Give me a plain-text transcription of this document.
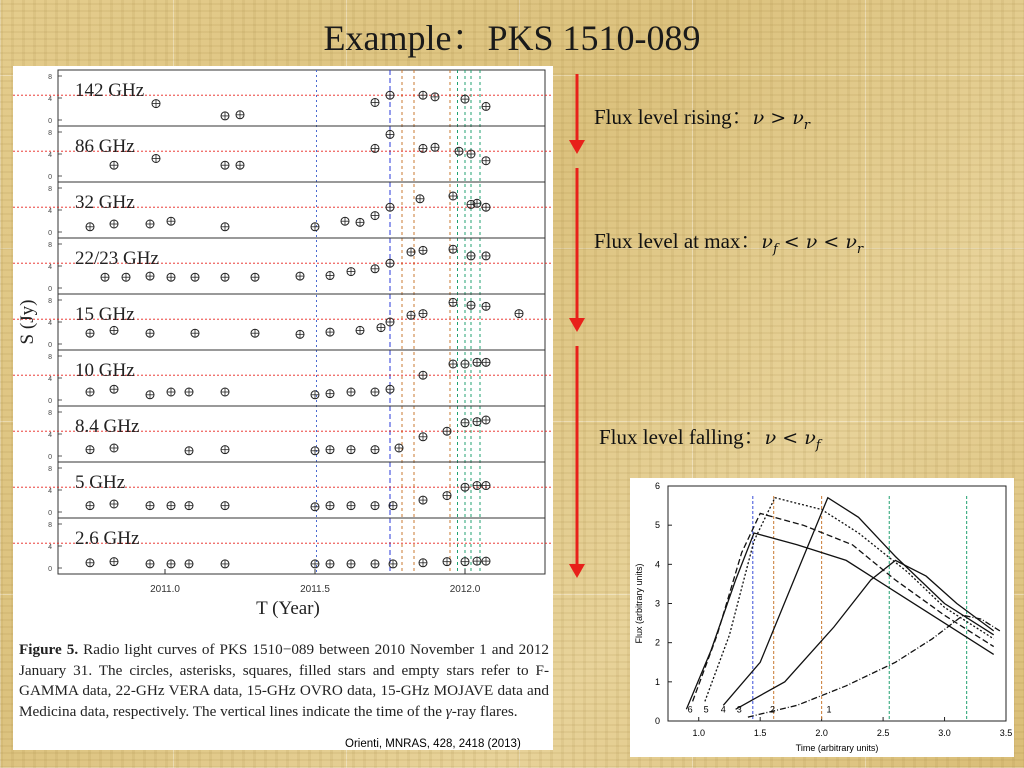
Example：PKS 1510-089
8
4
0
142 GHz
8
4
0
86 GHz
8
4
0
32 GHz
8
4
0
22/23 GHz
8
4
0
15 GHz
8
4
0
10 GHz
8
4
0
8.4 GHz
8
4
0
5 GHz
8
4
0
2.6 GHz
2011.0	2011.5	2012.0
T (Year)
S (Jy)
Figure 5. Radio light curves of PKS 1510−089 between 2010 November 1 and 2012 January 31. The circles, asterisks, squares, filled stars and empty stars refer to F-GAMMA data, 22-GHz VERA data, 15-GHz OVRO data, 15-GHz MOJAVE data and Medicina data, respectively. The vertical lines indicate the time of the γ-ray flares.
Orienti, MNRAS, 428, 2418 (2013)
Flux level rising：$\nu > \nu_r$
Flux level at max：$\nu_f < \nu < \nu_r$
Flux level falling：$\nu < \nu_f$
0
1
2
3
4
5
6
1.0	1.5	2.0	2.5	3.0	3.5
Time (arbitrary units)
Flux (arbitrary units)
6 5 4 3	2	1
